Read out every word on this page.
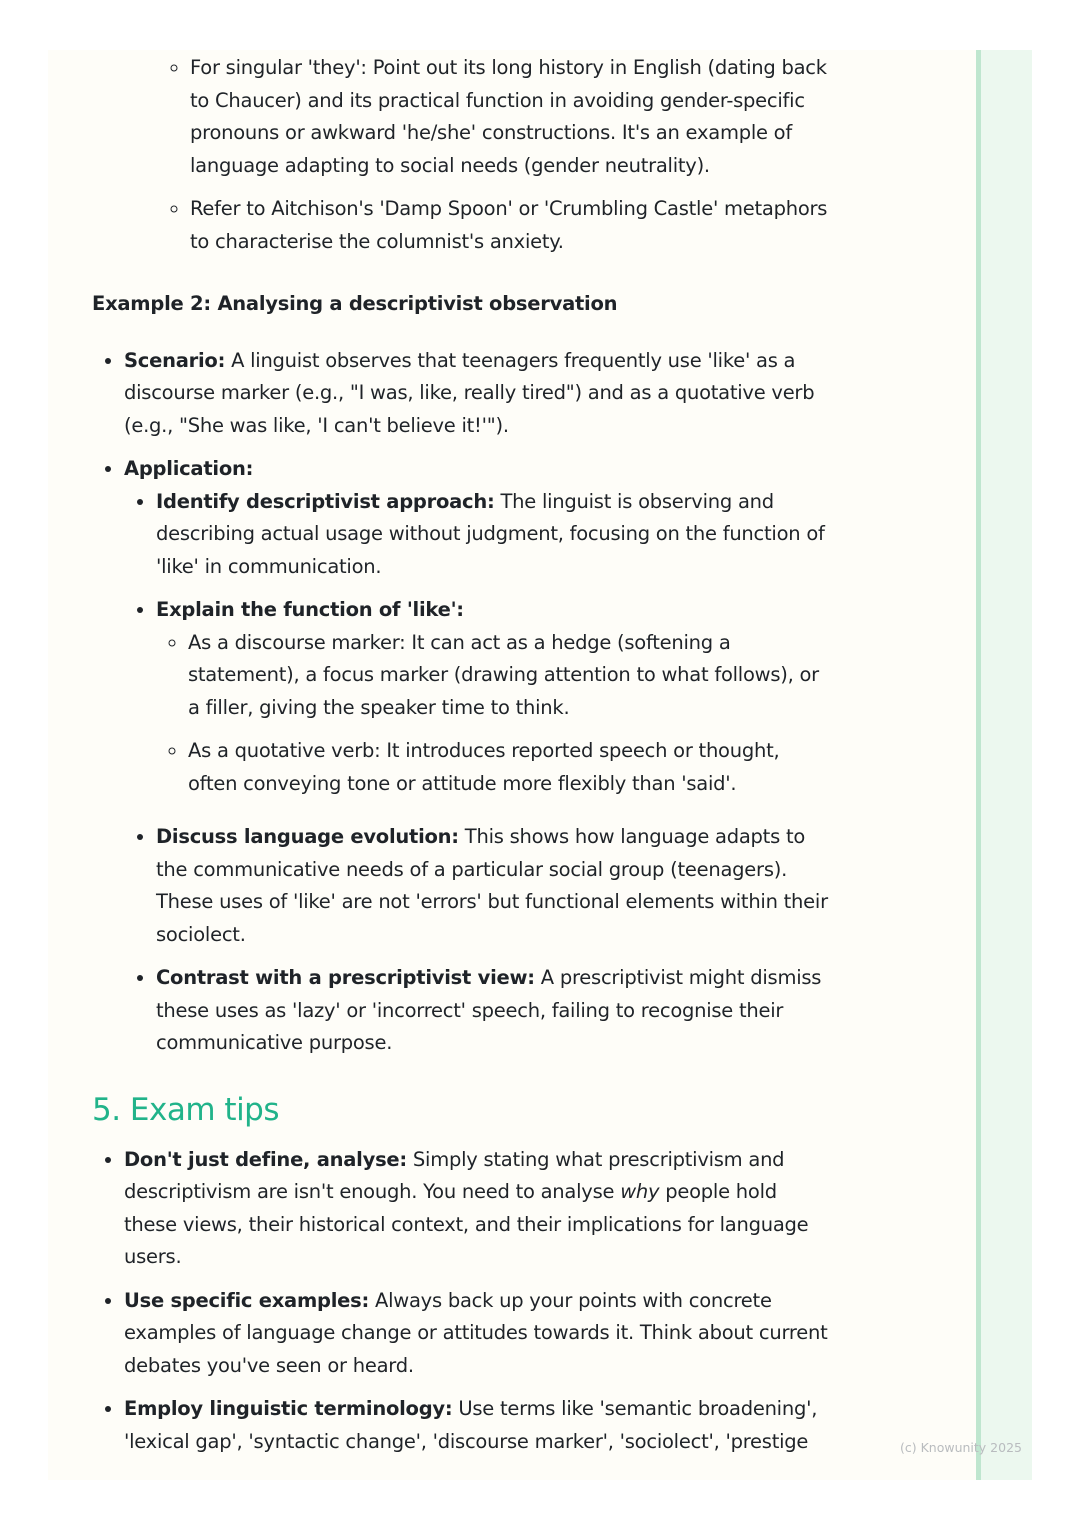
◦ For singular 'they': Point out its long history in English (dating back to Chaucer) and its practical function in avoiding gender-specific pronouns or awkward 'he/she' constructions. It's an example of language adapting to social needs (gender neutrality).
◦ Refer to Aitchison's 'Damp Spoon' or 'Crumbling Castle' metaphors to characterise the columnist's anxiety.
Example 2: Analysing a descriptivist observation
• Scenario: A linguist observes that teenagers frequently use 'like' as a discourse marker (e.g., "I was, like, really tired") and as a quotative verb (e.g., "She was like, 'I can't believe it!'").
• Application:
• Identify descriptivist approach: The linguist is observing and describing actual usage without judgment, focusing on the function of 'like' in communication.
• Explain the function of 'like':
◦ As a discourse marker: It can act as a hedge (softening a statement), a focus marker (drawing attention to what follows), or a filler, giving the speaker time to think.
◦ As a quotative verb: It introduces reported speech or thought, often conveying tone or attitude more flexibly than 'said'.
• Discuss language evolution: This shows how language adapts to the communicative needs of a particular social group (teenagers). These uses of 'like' are not 'errors' but functional elements within their sociolect.
• Contrast with a prescriptivist view: A prescriptivist might dismiss these uses as 'lazy' or 'incorrect' speech, failing to recognise their communicative purpose.
5. Exam tips
• Don't just define, analyse: Simply stating what prescriptivism and descriptivism are isn't enough. You need to analyse why people hold these views, their historical context, and their implications for language users.
• Use specific examples: Always back up your points with concrete examples of language change or attitudes towards it. Think about current debates you've seen or heard.
• Employ linguistic terminology: Use terms like 'semantic broadening', 'lexical gap', 'syntactic change', 'discourse marker', 'sociolect', 'prestige	(c) Knowunity 2025
